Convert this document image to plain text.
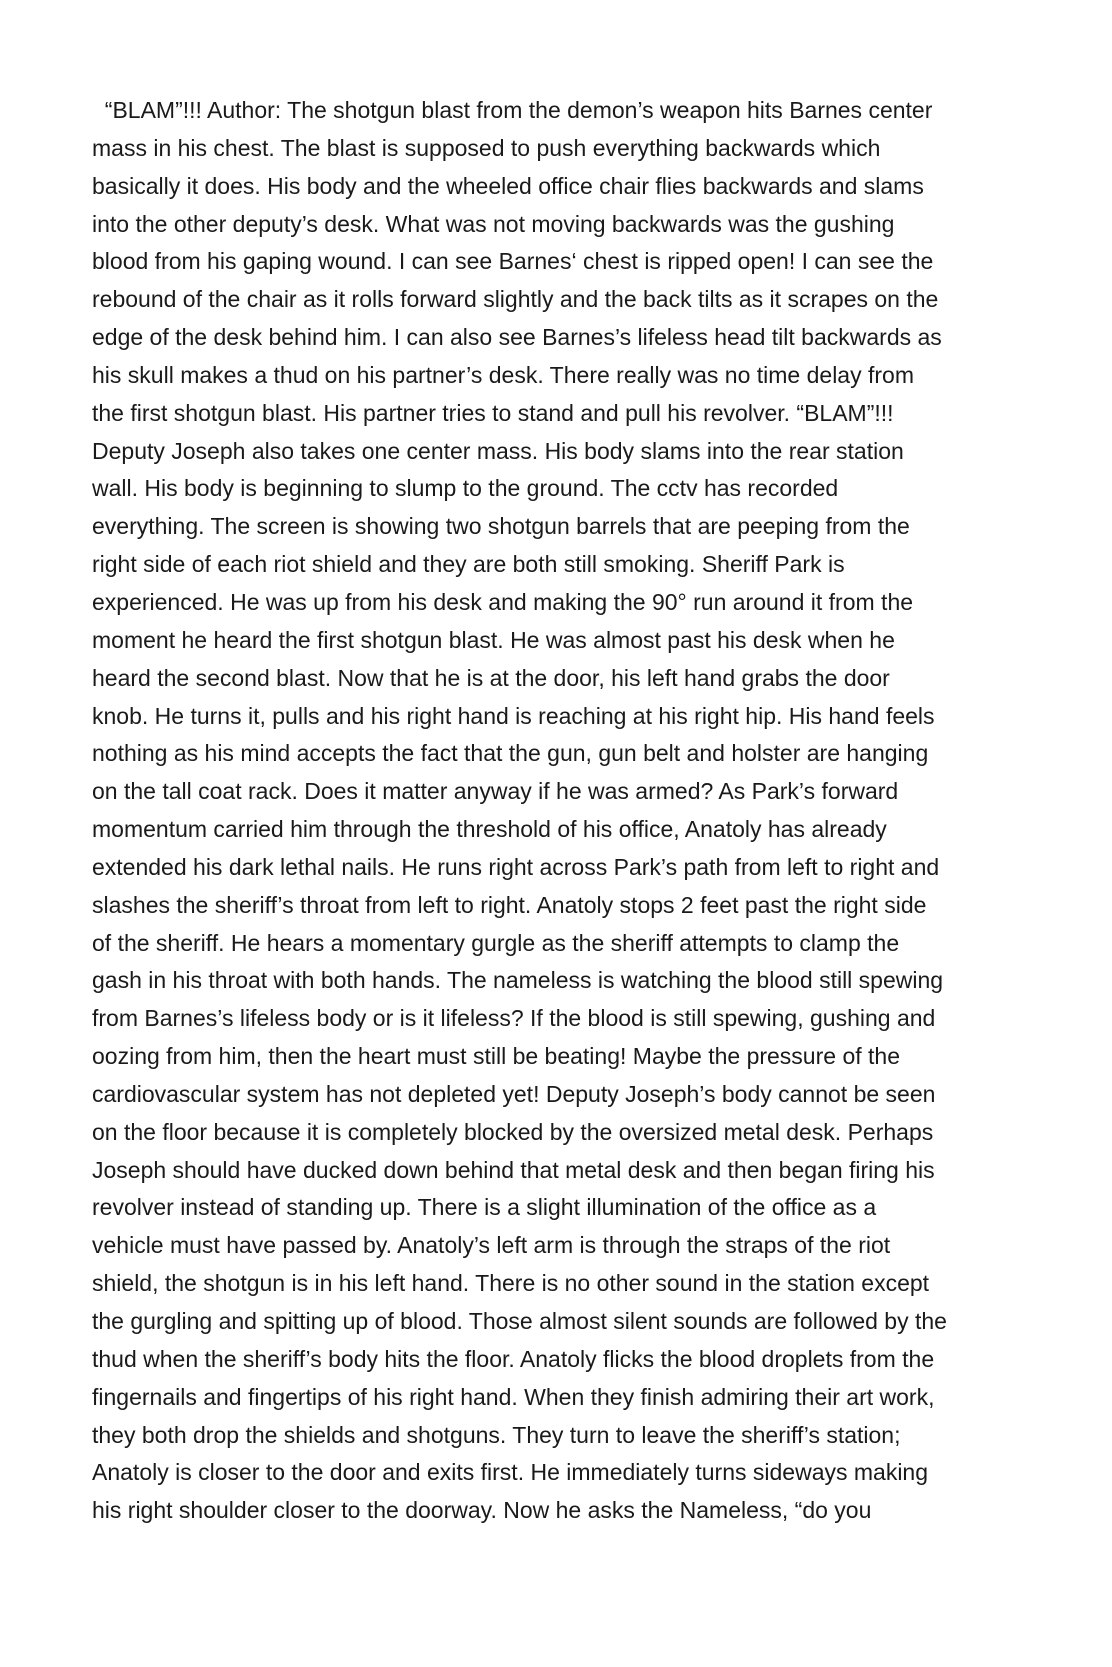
“BLAM”!!! Author: The shotgun blast from the demon’s weapon hits Barnes center
mass in his chest. The blast is supposed to push everything backwards which
basically it does. His body and the wheeled office chair flies backwards and slams
into the other deputy’s desk. What was not moving backwards was the gushing
blood from his gaping wound. I can see Barnes‘ chest is ripped open! I can see the
rebound of the chair as it rolls forward slightly and the back tilts as it scrapes on the
edge of the desk behind him. I can also see Barnes’s lifeless head tilt backwards as
his skull makes a thud on his partner’s desk. There really was no time delay from
the first shotgun blast. His partner tries to stand and pull his revolver. “BLAM”!!!
Deputy Joseph also takes one center mass. His body slams into the rear station
wall. His body is beginning to slump to the ground. The cctv has recorded
everything. The screen is showing two shotgun barrels that are peeping from the
right side of each riot shield and they are both still smoking. Sheriff Park is
experienced. He was up from his desk and making the 90° run around it from the
moment he heard the first shotgun blast. He was almost past his desk when he
heard the second blast. Now that he is at the door, his left hand grabs the door
knob. He turns it, pulls and his right hand is reaching at his right hip. His hand feels
nothing as his mind accepts the fact that the gun, gun belt and holster are hanging
on the tall coat rack. Does it matter anyway if he was armed? As Park’s forward
momentum carried him through the threshold of his office, Anatoly has already
extended his dark lethal nails. He runs right across Park’s path from left to right and
slashes the sheriff’s throat from left to right. Anatoly stops 2 feet past the right side
of the sheriff. He hears a momentary gurgle as the sheriff attempts to clamp the
gash in his throat with both hands. The nameless is watching the blood still spewing
from Barnes’s lifeless body or is it lifeless? If the blood is still spewing, gushing and
oozing from him, then the heart must still be beating! Maybe the pressure of the
cardiovascular system has not depleted yet! Deputy Joseph’s body cannot be seen
on the floor because it is completely blocked by the oversized metal desk. Perhaps
Joseph should have ducked down behind that metal desk and then began firing his
revolver instead of standing up. There is a slight illumination of the office as a
vehicle must have passed by. Anatoly’s left arm is through the straps of the riot
shield, the shotgun is in his left hand. There is no other sound in the station except
the gurgling and spitting up of blood. Those almost silent sounds are followed by the
thud when the sheriff’s body hits the floor. Anatoly flicks the blood droplets from the
fingernails and fingertips of his right hand. When they finish admiring their art work,
they both drop the shields and shotguns. They turn to leave the sheriff’s station;
Anatoly is closer to the door and exits first. He immediately turns sideways making
his right shoulder closer to the doorway. Now he asks the Nameless, “do you
